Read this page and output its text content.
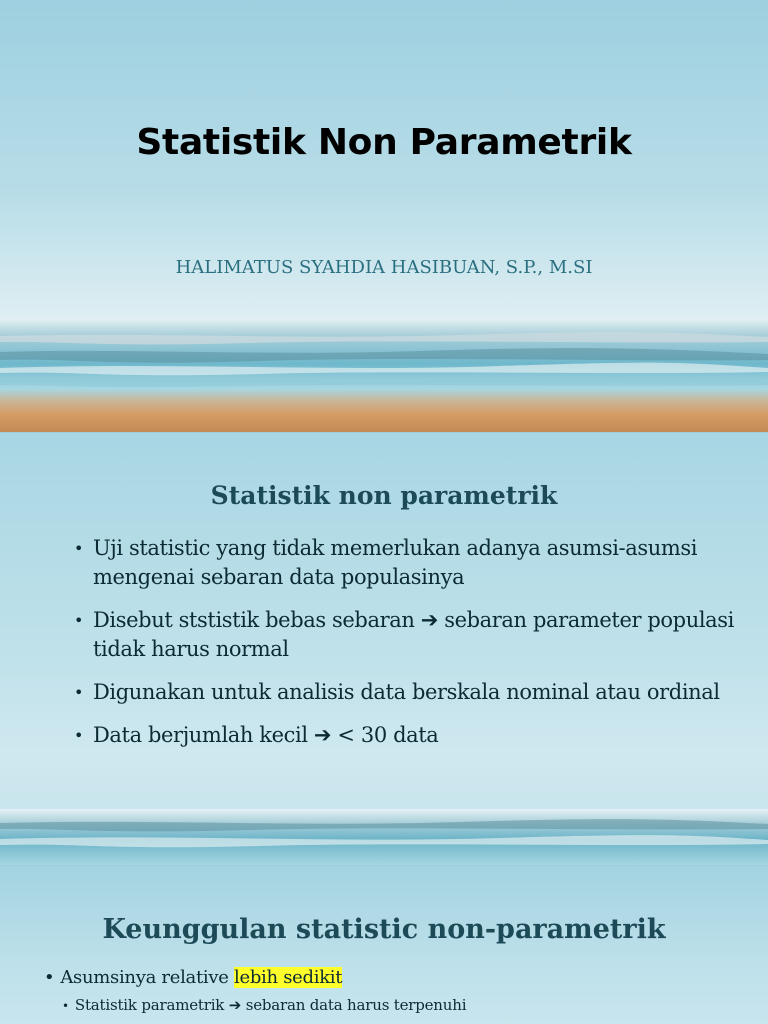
Statistik Non Parametrik
HALIMATUS SYAHDIA HASIBUAN, S.P., M.SI
Statistik non parametrik
• Uji statistic yang tidak memerlukan adanya asumsi-asumsi mengenai sebaran data populasinya
• Disebut ststistik bebas sebaran ➔ sebaran parameter populasi tidak harus normal
• Digunakan untuk analisis data berskala nominal atau ordinal
• Data berjumlah kecil ➔ < 30 data
Keunggulan statistic non-parametrik
• Asumsinya relative lebih sedikit
• Statistik parametrik ➔ sebaran data harus terpenuhi
